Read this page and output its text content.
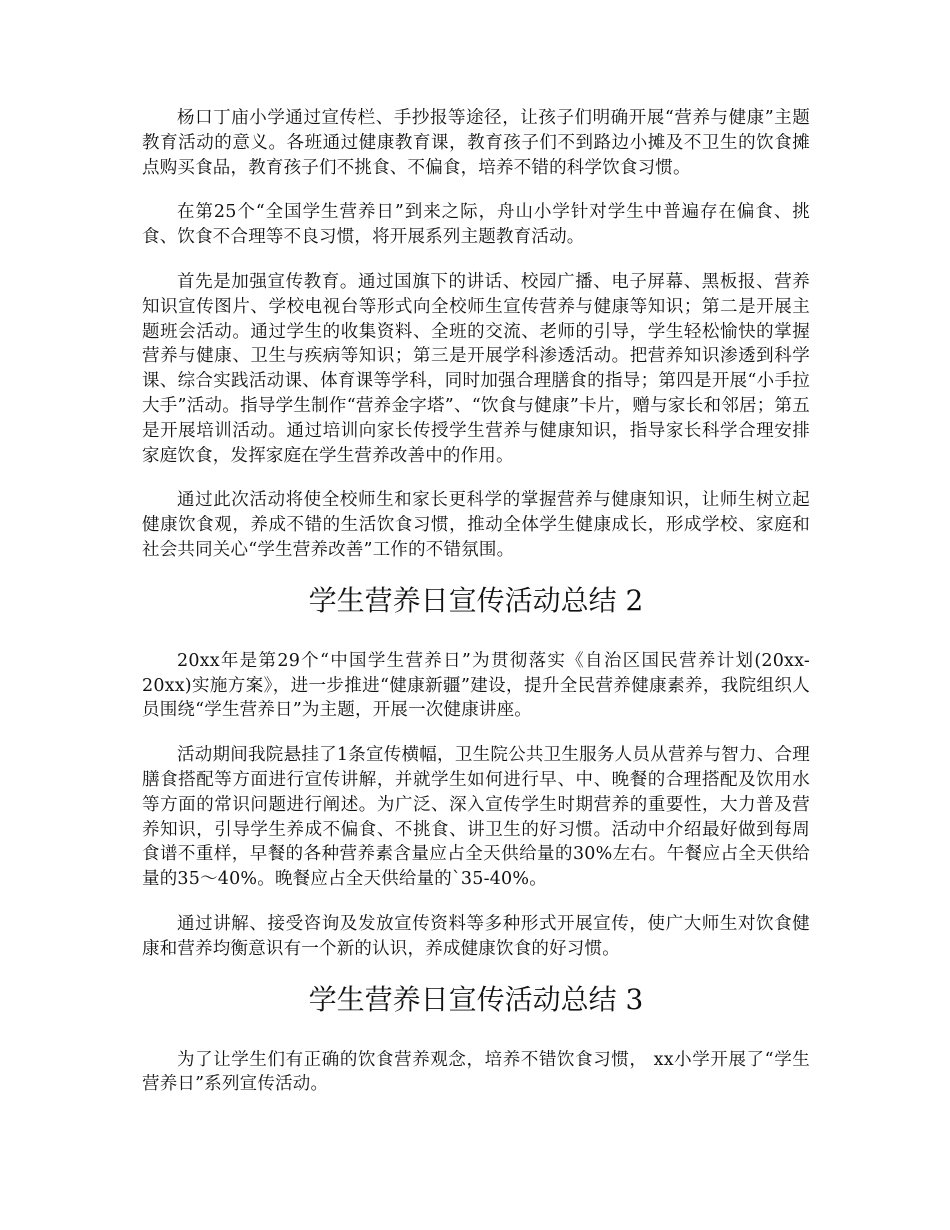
杨口丁庙小学通过宣传栏、手抄报等途径，让孩子们明确开展“营养与健康”主题教育活动的意义。各班通过健康教育课，教育孩子们不到路边小摊及不卫生的饮食摊点购买食品，教育孩子们不挑食、不偏食，培养不错的科学饮食习惯。

在第25个“全国学生营养日”到来之际，舟山小学针对学生中普遍存在偏食、挑食、饮食不合理等不良习惯，将开展系列主题教育活动。

首先是加强宣传教育。通过国旗下的讲话、校园广播、电子屏幕、黑板报、营养知识宣传图片、学校电视台等形式向全校师生宣传营养与健康等知识；第二是开展主题班会活动。通过学生的收集资料、全班的交流、老师的引导，学生轻松愉快的掌握营养与健康、卫生与疾病等知识；第三是开展学科渗透活动。把营养知识渗透到科学课、综合实践活动课、体育课等学科，同时加强合理膳食的指导；第四是开展“小手拉大手”活动。指导学生制作“营养金字塔”、“饮食与健康”卡片，赠与家长和邻居；第五是开展培训活动。通过培训向家长传授学生营养与健康知识，指导家长科学合理安排家庭饮食，发挥家庭在学生营养改善中的作用。

通过此次活动将使全校师生和家长更科学的掌握营养与健康知识，让师生树立起健康饮食观，养成不错的生活饮食习惯，推动全体学生健康成长，形成学校、家庭和社会共同关心“学生营养改善”工作的不错氛围。

学生营养日宣传活动总结 2

20xx年是第29个“中国学生营养日”为贯彻落实《自治区国民营养计划(20xx-20xx)实施方案》，进一步推进“健康新疆”建设，提升全民营养健康素养，我院组织人员围绕“学生营养日”为主题，开展一次健康讲座。

活动期间我院悬挂了1条宣传横幅，卫生院公共卫生服务人员从营养与智力、合理膳食搭配等方面进行宣传讲解，并就学生如何进行早、中、晚餐的合理搭配及饮用水等方面的常识问题进行阐述。为广泛、深入宣传学生时期营养的重要性，大力普及营养知识，引导学生养成不偏食、不挑食、讲卫生的好习惯。活动中介绍最好做到每周食谱不重样，早餐的各种营养素含量应占全天供给量的30%左右。午餐应占全天供给量的35～40%。晚餐应占全天供给量的`35-40%。

通过讲解、接受咨询及发放宣传资料等多种形式开展宣传，使广大师生对饮食健康和营养均衡意识有一个新的认识，养成健康饮食的好习惯。

学生营养日宣传活动总结 3

为了让学生们有正确的饮食营养观念，培养不错饮食习惯， xx小学开展了“学生营养日”系列宣传活动。
